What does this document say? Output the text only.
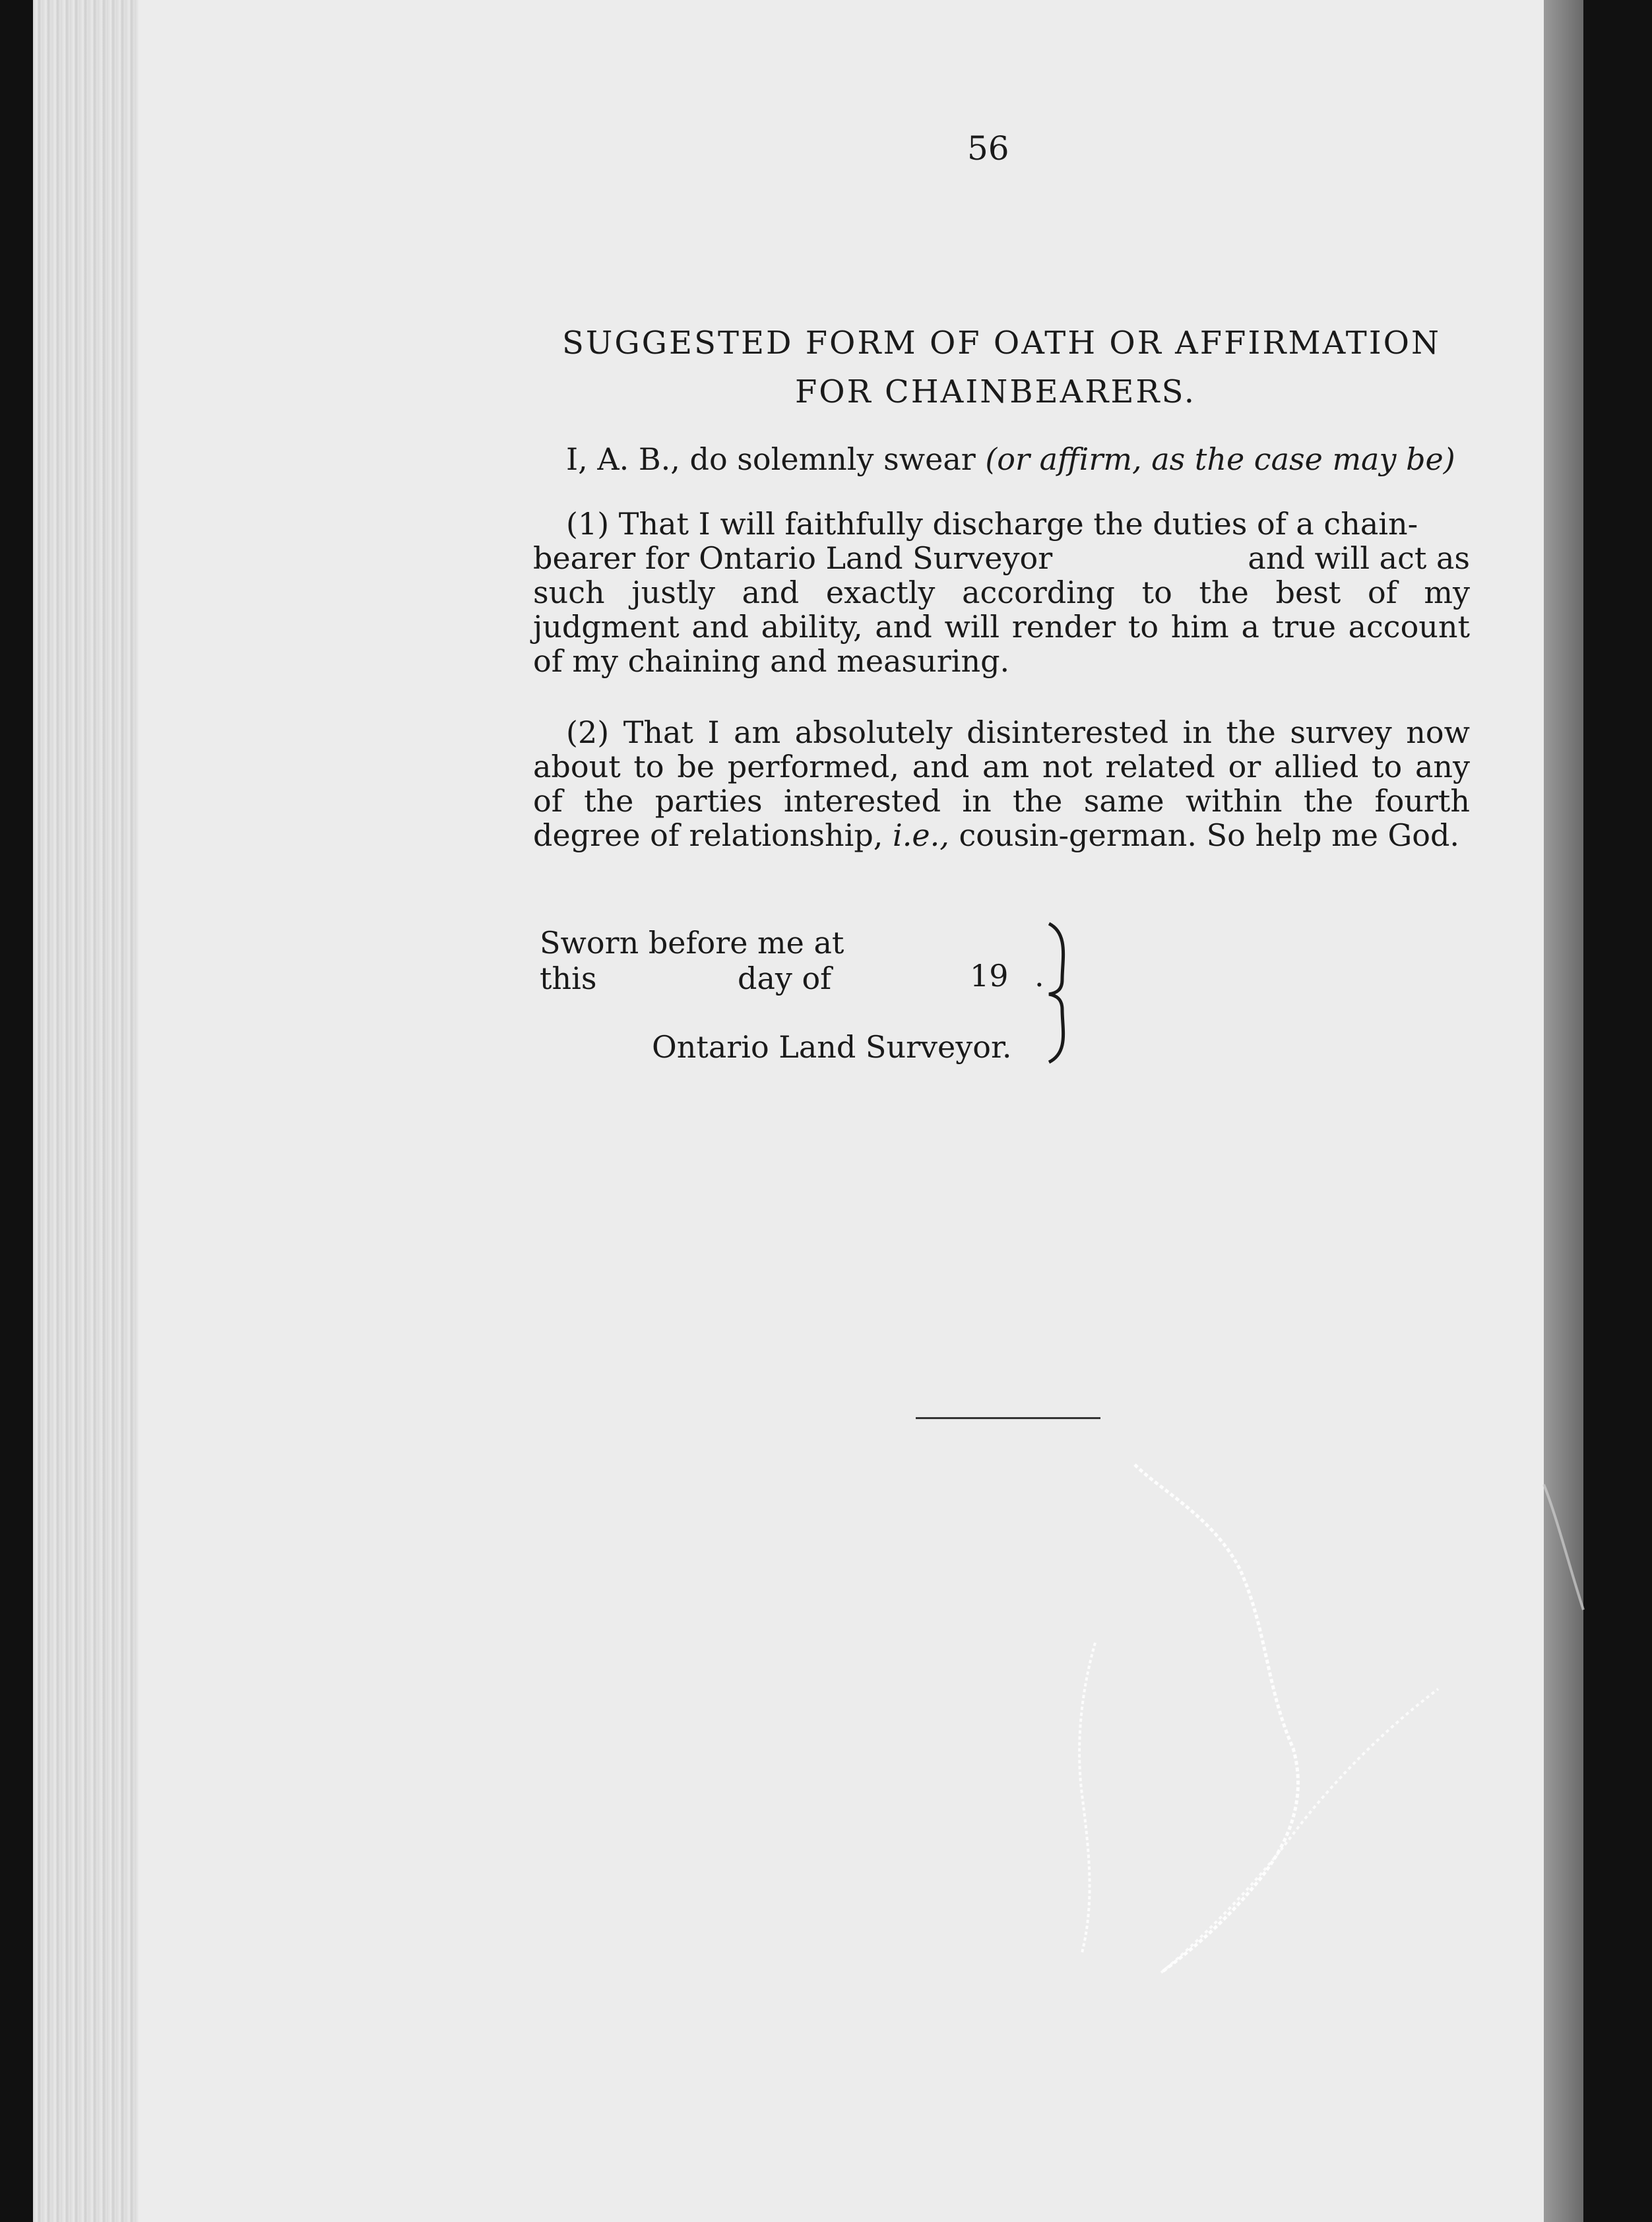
56
SUGGESTED FORM OF OATH OR AFFIRMATION
FOR CHAINBEARERS.
I, A. B., do solemnly swear (or affirm, as the case may be)
(1) That I will faithfully discharge the duties of a chain-
bearer for Ontario Land Surveyor	and will act as
such justly and exactly according to the best of my judgment and ability, and will render to him a true account of my chaining and measuring.
(2) That I am absolutely disinterested in the survey now about to be performed, and am not related or allied to any of the parties interested in the same within the fourth degree of relationship, i.e., cousin-german. So help me God.
Sworn before me at
this	day of	19 .
Ontario Land Surveyor.
